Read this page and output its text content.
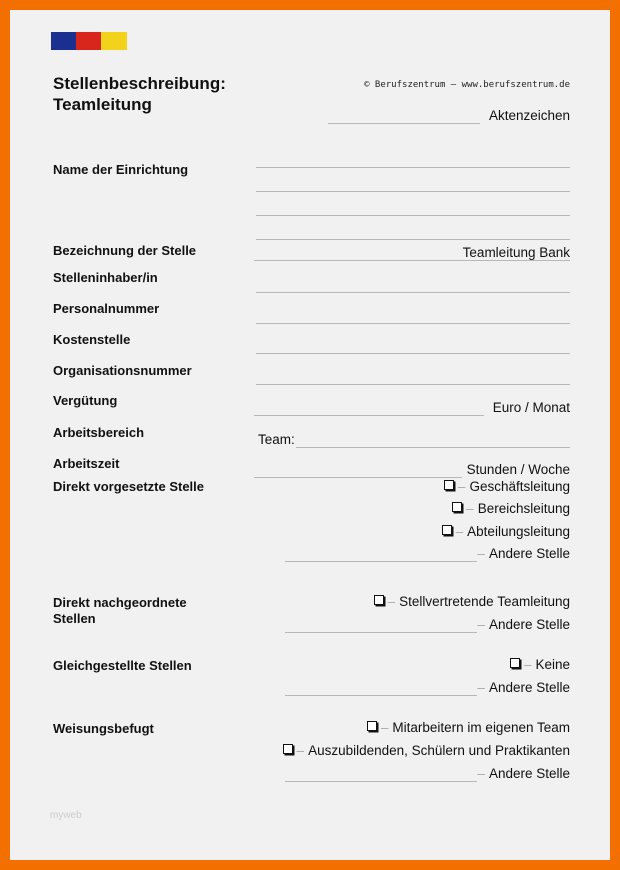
Stellenbeschreibung:
Teamleitung
© Berufszentrum – www.berufszentrum.de
Aktenzeichen
Name der Einrichtung
Bezeichnung der Stelle	Teamleitung Bank
Stelleninhaber/in
Personalnummer
Kostenstelle
Organisationsnummer
Vergütung	Euro / Monat
Arbeitsbereich	Team:
Arbeitszeit	Stunden / Woche
Direkt vorgesetzte Stelle	– Geschäftsleitung
– Bereichsleitung
– Abteilungsleitung
– Andere Stelle
Direkt nachgeordnete
Stellen
– Stellvertretende Teamleitung
– Andere Stelle
Gleichgestellte Stellen	– Keine
– Andere Stelle
Weisungsbefugt	– Mitarbeitern im eigenen Team
– Auszubildenden, Schülern und Praktikanten
– Andere Stelle
myweb
